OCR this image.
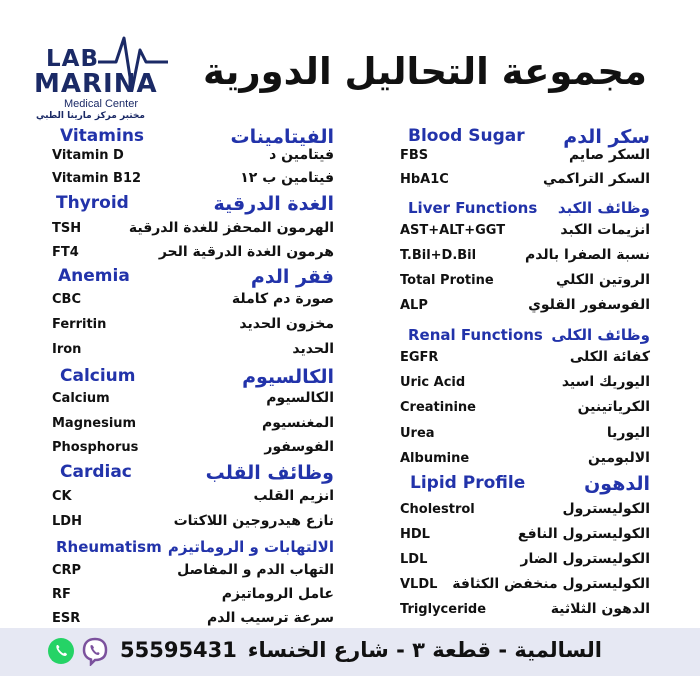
LAB
MARINA
Medical Center
مختبر مركز مارينا الطبي
مجموعة التحاليل الدورية
Vitamins	الفيتامينات
Vitamin D	فيتامين د
Vitamin B12	فيتامين ب ١٢
Thyroid	الغدة الدرقية
TSH	الهرمون المحفز للغدة الدرقية
FT4	هرمون الغدة الدرقية الحر
Anemia	فقر الدم
CBC	صورة دم كاملة
Ferritin	مخزون الحديد
Iron	الحديد
Calcium	الكالسيوم
Calcium	الكالسيوم
Magnesium	المغنسيوم
Phosphorus	الفوسفور
Cardiac	وظائف القلب
CK	انزيم القلب
LDH	نازع هيدروجين اللاكتات
Rheumatism الالتهابات و الروماتيزم
CRP	التهاب الدم و المفاصل
RF	عامل الروماتيزم
ESR	سرعة ترسيب الدم
Blood Sugar سكر الدم
FBS	السكر صايم
HbA1C	السكر التراكمي
Liver Functions وظائف الكبد
AST+ALT+GGT	انزيمات الكبد
T.Bil+D.Bil	نسبة الصفرا بالدم
Total Protine	الروتين الكلي
ALP	الفوسفور القلوي
Renal Functions وظائف الكلى
EGFR	كفائة الكلى
Uric Acid	اليوريك اسيد
Creatinine	الكرياتينين
Urea	اليوريا
Albumine	الالبومين
Lipid Profile	الدهون
Cholestrol	الكوليسترول
HDL	الكوليسترول النافع
LDL	الكوليسترول الضار
VLDL الكوليسترول منخفض الكثافة
Triglyceride	الدهون الثلاثية
السالمية - قطعة ٣ - شارع الخنساء
55595431
